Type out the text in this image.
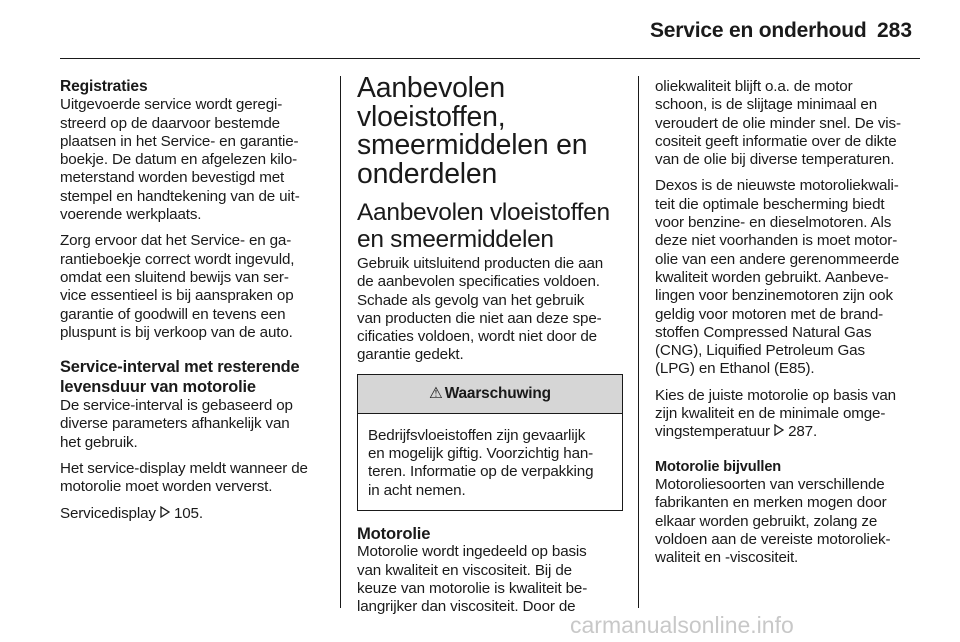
Service en onderhoud 283
Registraties

Uitgevoerde service wordt geregi-
streerd op de daarvoor bestemde
plaatsen in het Service- en garantie-
boekje. De datum en afgelezen kilo-
meterstand worden bevestigd met
stempel en handtekening van de uit-
voerende werkplaats.

Zorg ervoor dat het Service- en ga-
rantieboekje correct wordt ingevuld,
omdat een sluitend bewijs van ser-
vice essentieel is bij aanspraken op
garantie of goodwill en tevens een
pluspunt is bij verkoop van de auto.

Service-interval met resterende
levensduur van motorolie

De service-interval is gebaseerd op
diverse parameters afhankelijk van
het gebruik.

Het service-display meldt wanneer de
motorolie moet worden ververst.

Servicedisplay  105.

Aanbevolen
vloeistoffen,
smeermiddelen en
onderdelen
Aanbevolen vloeistoffen
en smeermiddelen

Gebruik uitsluitend producten die aan
de aanbevolen specificaties voldoen.
Schade als gevolg van het gebruik
van producten die niet aan deze spe-
cificaties voldoen, wordt niet door de
garantie gedekt.

⚠ Waarschuwing
Bedrijfsvloeistoffen zijn gevaarlijk
en mogelijk giftig. Voorzichtig han-
teren. Informatie op de verpakking
in acht nemen.
Motorolie

Motorolie wordt ingedeeld op basis
van kwaliteit en viscositeit. Bij de
keuze van motorolie is kwaliteit be-
langrijker dan viscositeit. Door de

oliekwaliteit blijft o.a. de motor
schoon, is de slijtage minimaal en
veroudert de olie minder snel. De vis-
cositeit geeft informatie over de dikte
van de olie bij diverse temperaturen.

Dexos is de nieuwste motoroliekwali-
teit die optimale bescherming biedt
voor benzine- en dieselmotoren. Als
deze niet voorhanden is moet motor-
olie van een andere gerenommeerde
kwaliteit worden gebruikt. Aanbeve-
lingen voor benzinemotoren zijn ook
geldig voor motoren met de brand-
stoffen Compressed Natural Gas
(CNG), Liquified Petroleum Gas
(LPG) en Ethanol (E85).

Kies de juiste motorolie op basis van
zijn kwaliteit en de minimale omge-
vingstemperatuur  287.

Motorolie bijvullen

Motoroliesoorten van verschillende
fabrikanten en merken mogen door
elkaar worden gebruikt, zolang ze
voldoen aan de vereiste motoroliek-
waliteit en -viscositeit.

carmanualsonline.info
